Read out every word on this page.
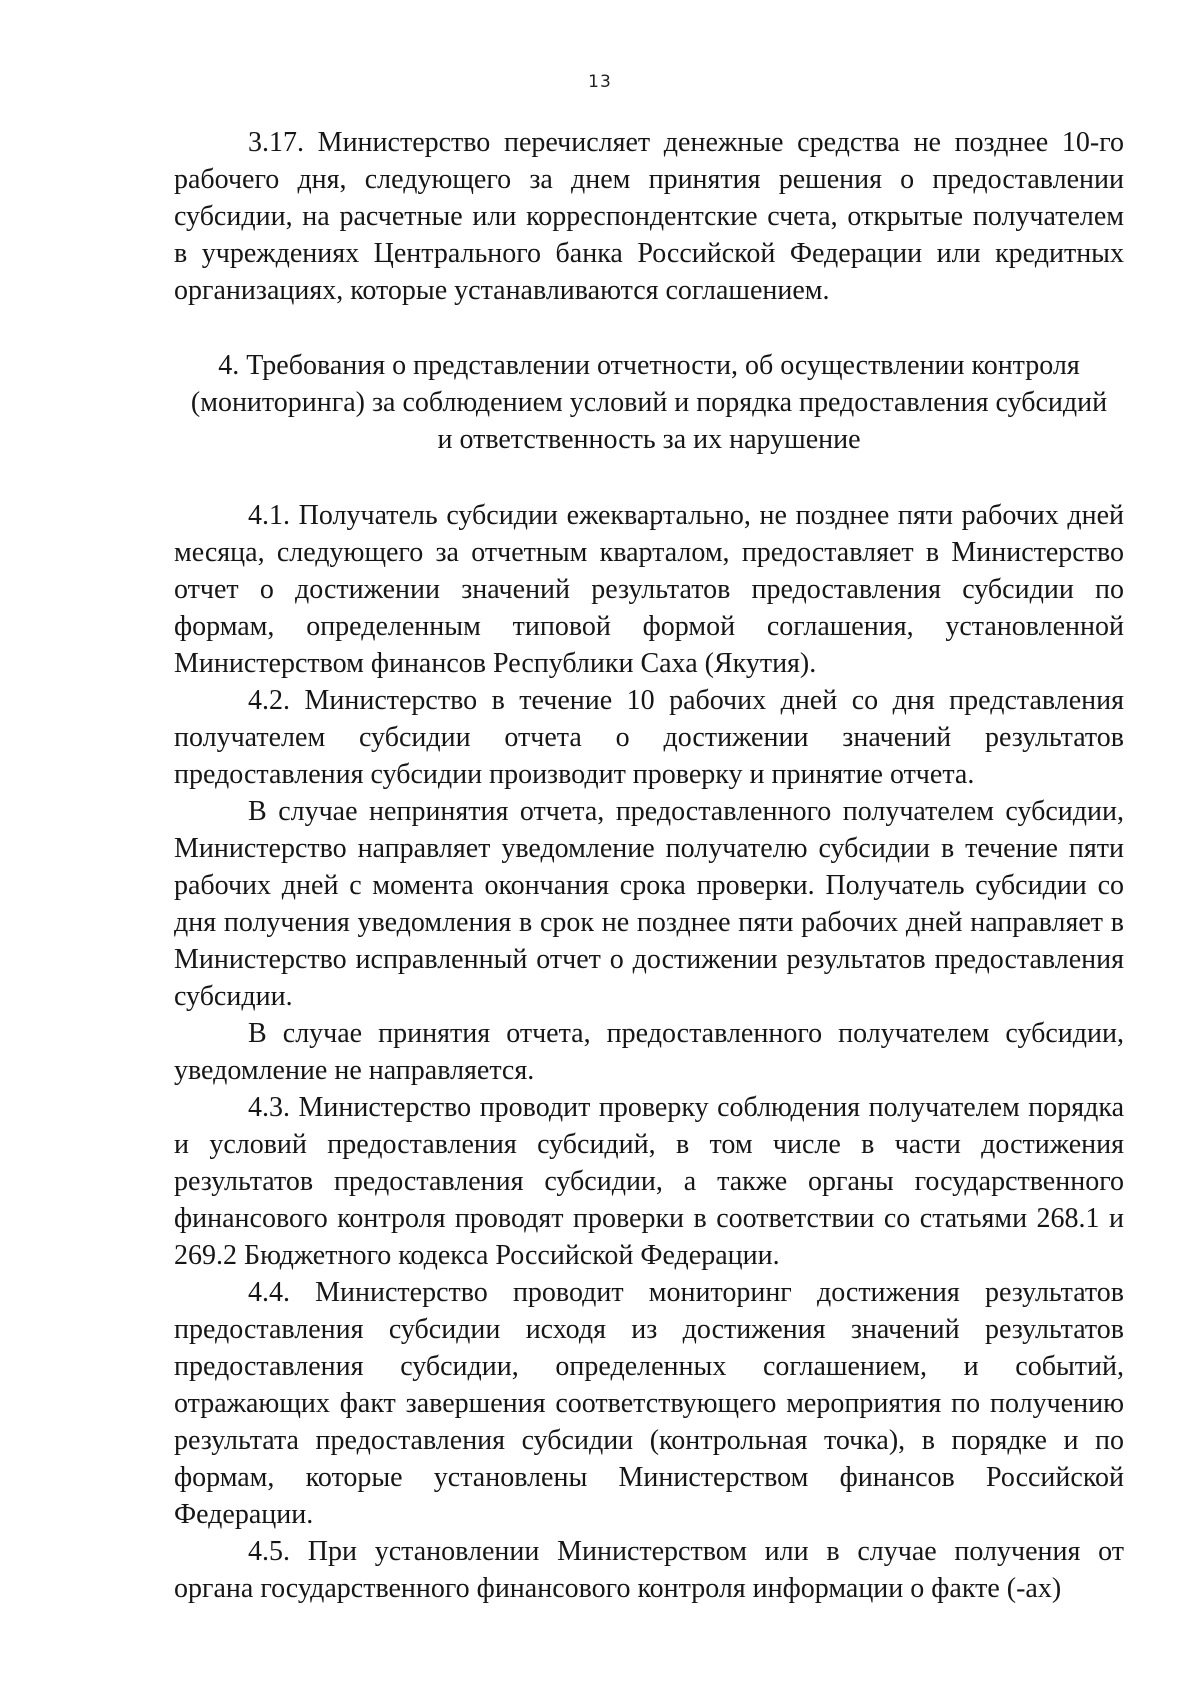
13

3.17. Министерство перечисляет денежные средства не позднее 10-го рабочего дня, следующего за днем принятия решения о предоставлении субсидии, на расчетные или корреспондентские счета, открытые получателем в учреждениях Центрального банка Российской Федерации или кредитных организациях, которые устанавливаются соглашением.

4. Требования о представлении отчетности, об осуществлении контроля
(мониторинга) за соблюдением условий и порядка предоставления субсидий
и ответственность за их нарушение

4.1. Получатель субсидии ежеквартально, не позднее пяти рабочих дней месяца, следующего за отчетным кварталом, предоставляет в Министерство отчет о достижении значений результатов предоставления субсидии по формам, определенным типовой формой соглашения, установленной Министерством финансов Республики Саха (Якутия).

4.2. Министерство в течение 10 рабочих дней со дня представления получателем субсидии отчета о достижении значений результатов предоставления субсидии производит проверку и принятие отчета.

В случае непринятия отчета, предоставленного получателем субсидии, Министерство направляет уведомление получателю субсидии в течение пяти рабочих дней с момента окончания срока проверки. Получатель субсидии со дня получения уведомления в срок не позднее пяти рабочих дней направляет в Министерство исправленный отчет о достижении результатов предоставления субсидии.

В случае принятия отчета, предоставленного получателем субсидии, уведомление не направляется.

4.3. Министерство проводит проверку соблюдения получателем порядка и условий предоставления субсидий, в том числе в части достижения результатов предоставления субсидии, а также органы государственного финансового контроля проводят проверки в соответствии со статьями 268.1 и 269.2 Бюджетного кодекса Российской Федерации.

4.4. Министерство проводит мониторинг достижения результатов предоставления субсидии исходя из достижения значений результатов предоставления субсидии, определенных соглашением, и событий, отражающих факт завершения соответствующего мероприятия по получению результата предоставления субсидии (контрольная точка), в порядке и по формам, которые установлены Министерством финансов Российской Федерации.

4.5. При установлении Министерством или в случае получения от органа государственного финансового контроля информации о факте (-ах)
